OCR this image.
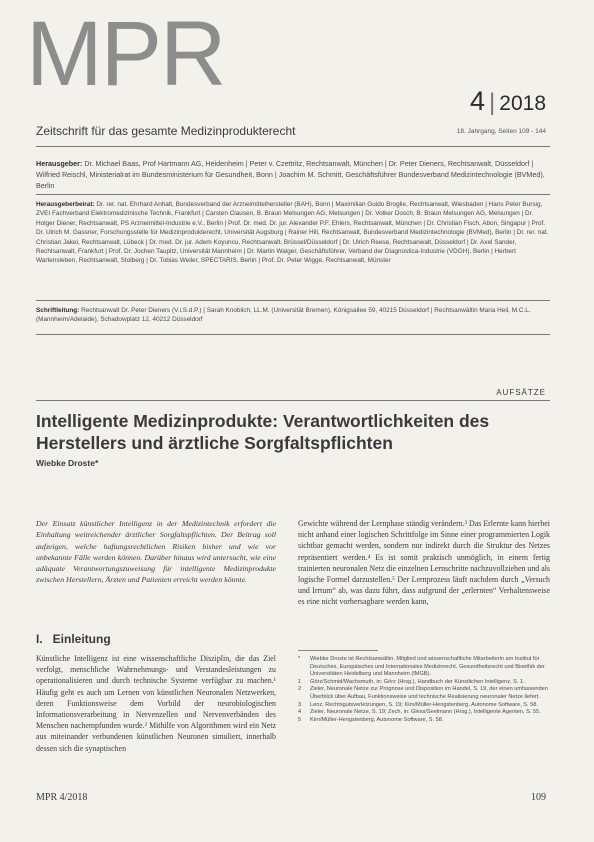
MPR	4 | 2018
Zeitschrift für das gesamte Medizinprodukterecht	18. Jahrgang, Seiten 109 - 144
Herausgeber: Dr. Michael Baas, Prof Hartmann AG, Heidenheim | Peter v. Czettritz, Rechtsanwalt, München | Dr. Peter Dieners, Rechtsanwalt, Düsseldorf | Wilfried Reischl, Ministerialrat im Bundesministerium für Gesundheit, Bonn | Joachim M. Schmitt, Geschäftsführer Bundesverband Medizintechnologie (BVMed), Berlin
Herausgeberbeirat: Dr. rer. nat. Ehrhard Anhalt, Bundesverband der Arzneimittelhersteller (BAH), Bonn | Maximilian Guido Broglie, Rechtsanwalt, Wiesbaden | Hans Peter Bursig, ZVEI Fachverband Elektromedizinische Technik, Frankfurt | Carsten Clausen, B. Braun Melsungen AG, Melsungen | Dr. Volker Dosch, B. Braun Melsungen AG, Melsungen | Dr. Holger Diener, Rechtsanwalt, PS Arzneimittel-Industrie e.V., Berlin | Prof. Dr. med. Dr. jur. Alexander P.F. Ehlers, Rechtsanwalt, München | Dr. Christian Fisch, Abon, Singapur | Prof. Dr. Ulrich M. Gassner, Forschungsstelle für Medizinprodukterecht, Universität Augsburg | Rainer Hill, Rechtsanwalt, Bundesverband Medizintechnologie (BVMed), Berlin | Dr. rer. nat. Christian Jakel, Rechtsanwalt, Lübeck | Dr. med. Dr. jur. Adem Koyuncu, Rechtsanwalt, Brüssel/Düsseldorf | Dr. Ulrich Reese, Rechtsanwalt, Düsseldorf | Dr. Axel Sander, Rechtsanwalt, Frankfurt | Prof. Dr. Jochen Taupitz, Universität Mannheim | Dr. Martin Walger, Geschäftsführer, Verband der Diagnostica-Industrie (VDGH), Berlin | Herbert Wartensleben, Rechtsanwalt, Stolberg | Dr. Tobias Weiler, SPECTARIS, Berlin | Prof. Dr. Peter Wigge, Rechtsanwalt, Münster
Schriftleitung: Rechtsanwalt Dr. Peter Dieners (V.i.S.d.P.) | Sarah Knoblich, LL.M. (Universität Bremen), Königsallee 59, 40215 Düsseldorf | Rechtsanwältin Maria Heil, M.C.L. (Mannheim/Adelaide), Schadowplatz 12, 40212 Düsseldorf
AUFSÄTZE
Intelligente Medizinprodukte: Verantwortlichkeiten des Herstellers und ärztliche Sorgfaltspflichten
Wiebke Droste*
Der Einsatz künstlicher Intelligenz in der Medizintechnik erfordert die Einhaltung weitreichender ärztlicher Sorgfaltspflichten. Der Beitrag soll aufzeigen, welche haftungsrechtlichen Risiken bisher und wie vor unbekannte Fälle werden können. Darüber hinaus wird untersucht, wie eine adäquate Verantwortungszuweisung für intelligente Medizinprodukte zwischen Herstellern, Ärzten und Patienten erreicht werden könnte.
I. Einleitung
Künstliche Intelligenz ist eine wissenschaftliche Disziplin, die das Ziel verfolgt, menschliche Wahrnehmungs- und Verstandesleistungen zu operationalisieren und durch technische Systeme verfügbar zu machen.¹ Häufig geht es auch um Lernen von künstlichen Neuronalen Netzwerken, deren Funktionsweise dem Vorbild der neurobiologischen Informationsverarbeitung in Nervenzellen und Nervenverbänden des Menschen nachempfunden wurde.² Mithilfe von Algorithmen wird ein Netz aus miteinander verbundenen künstlichen Neuronen simuliert, innerhalb dessen sich die synaptischen
Gewichte während der Lernphase ständig verändern.³ Das Erlernte kann hierbei nicht anhand einer logischen Schrittfolge im Sinne einer programmierten Logik sichtbar gemacht werden, sondern nur indirekt durch die Struktur des Netzes repräsentiert werden.⁴ Es ist somit praktisch unmöglich, in einem fertig trainierten neuronalen Netz die einzelnen Lernschritte nachzuvollziehen und als logische Formel darzustellen.⁵ Der Lernprozess läuft nachdem durch „Versuch und Irrtum“ ab, was dazu führt, dass aufgrund der „erlernten“ Verhaltensweise es eine nicht vorhersagbare werden kann,
*	Wiebke Droste ist Rechtsanwältin, Mitglied und wissenschaftliche Mitarbeiterin am Institut für Deutsches, Europäisches und Internationales Medizinrecht, Gesundheitsrecht und Bioethik der Universitäten Heidelberg und Mannheim (IMGB).
1	Görz/Schmid/Wachsmuth, in: Görz (Hrsg.), Handbuch der Künstlichen Intelligenz, S. 1.
2	Zieler, Neuronale Netze zur Prognose und Disposition im Handel, S. 19, der einen umfassenden Überblick über Aufbau, Funktionsweise und technische Realisierung neuronaler Netze liefert.
3	Lenz, Rechtsgutsverletzungen, S. 19; Kirn/Müller-Hengstenberg, Autonome Software, S. 58.
4	Zieler, Neuronale Netze, S. 19; Zech, in: Gless/Seelmann (Hrsg.), Intelligente Agenten, S. 55.
5	Kirn/Müller-Hengstenberg, Autonome Software, S. 58.
MPR 4/2018	109
